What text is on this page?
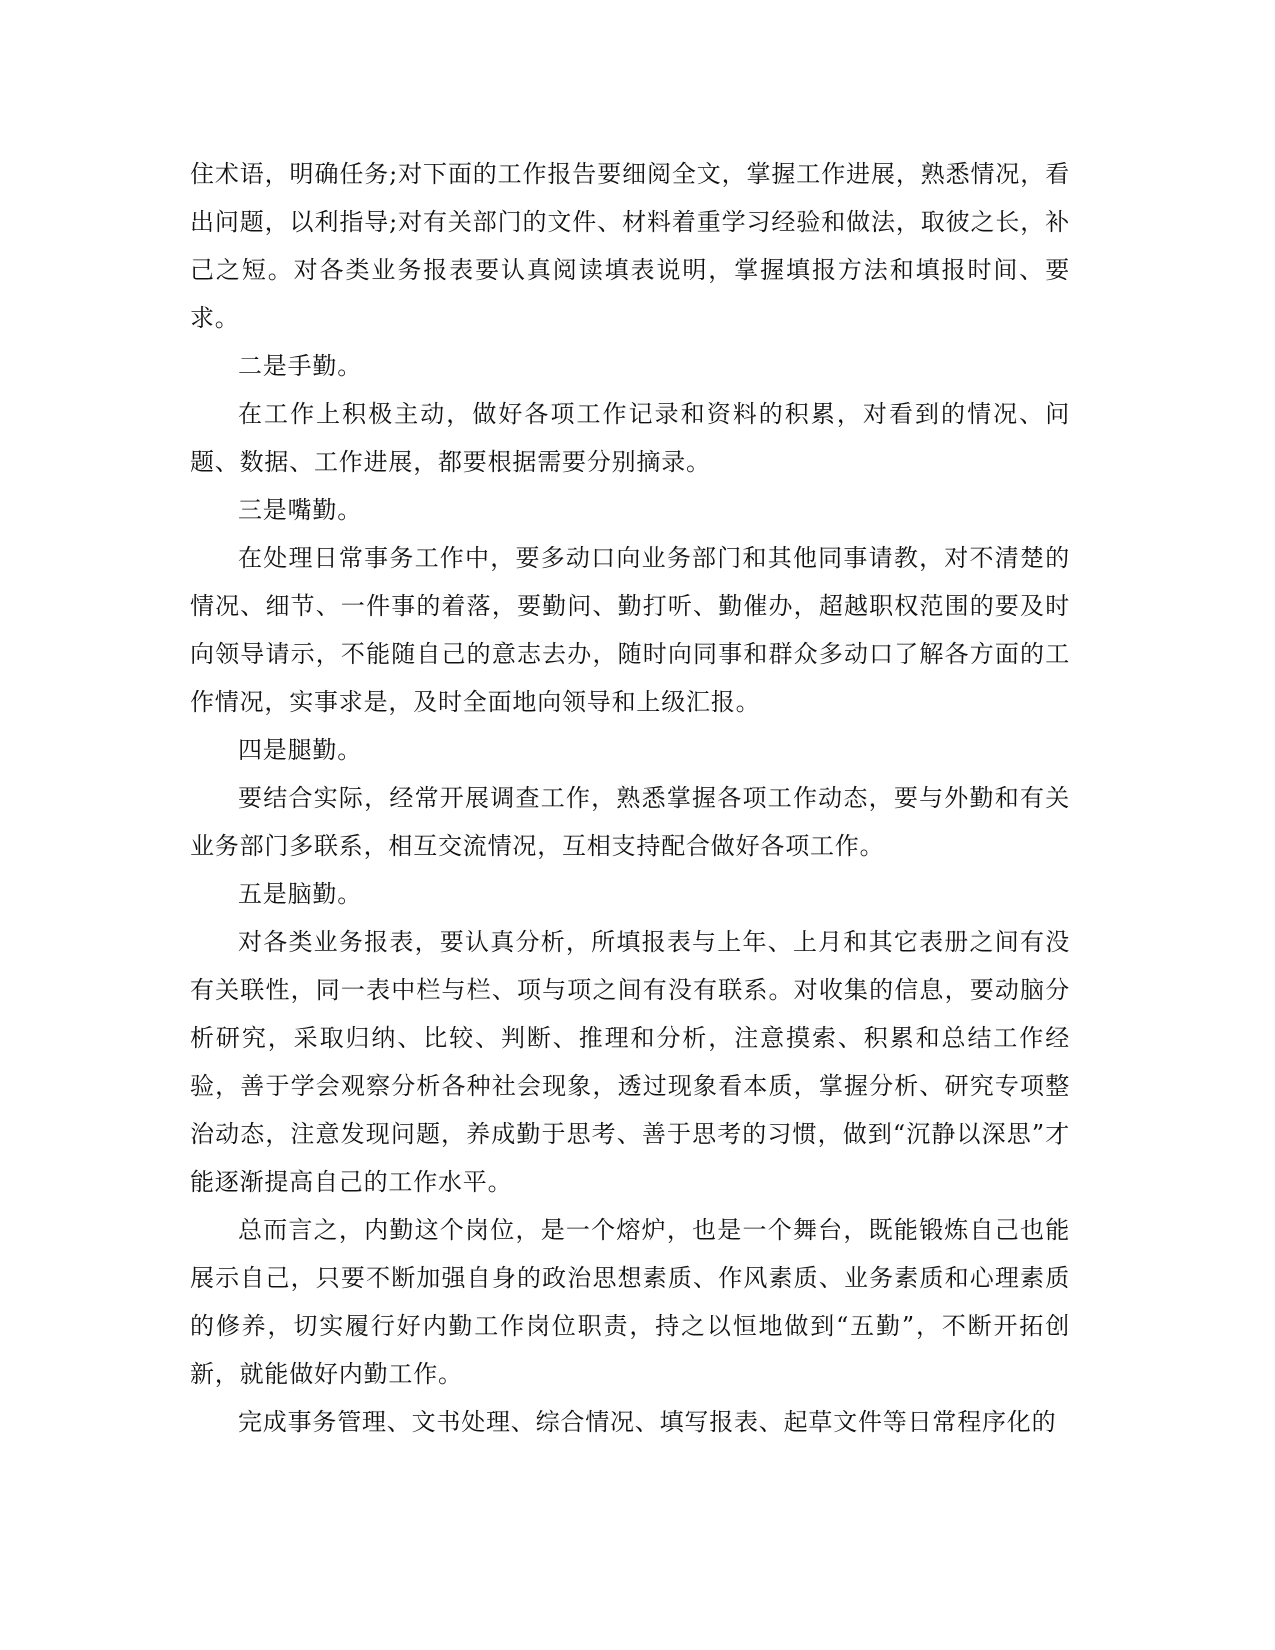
住术语，明确任务;对下面的工作报告要细阅全文，掌握工作进展，熟悉情况，看出问题，以利指导;对有关部门的文件、材料着重学习经验和做法，取彼之长，补己之短。对各类业务报表要认真阅读填表说明，掌握填报方法和填报时间、要求。

二是手勤。

在工作上积极主动，做好各项工作记录和资料的积累，对看到的情况、问题、数据、工作进展，都要根据需要分别摘录。

三是嘴勤。

在处理日常事务工作中，要多动口向业务部门和其他同事请教，对不清楚的情况、细节、一件事的着落，要勤问、勤打听、勤催办，超越职权范围的要及时向领导请示，不能随自己的意志去办，随时向同事和群众多动口了解各方面的工作情况，实事求是，及时全面地向领导和上级汇报。

四是腿勤。

要结合实际，经常开展调查工作，熟悉掌握各项工作动态，要与外勤和有关业务部门多联系，相互交流情况，互相支持配合做好各项工作。

五是脑勤。

对各类业务报表，要认真分析，所填报表与上年、上月和其它表册之间有没有关联性，同一表中栏与栏、项与项之间有没有联系。对收集的信息，要动脑分析研究，采取归纳、比较、判断、推理和分析，注意摸索、积累和总结工作经验，善于学会观察分析各种社会现象，透过现象看本质，掌握分析、研究专项整治动态，注意发现问题，养成勤于思考、善于思考的习惯，做到“沉静以深思”才能逐渐提高自己的工作水平。

总而言之，内勤这个岗位，是一个熔炉，也是一个舞台，既能锻炼自己也能展示自己，只要不断加强自身的政治思想素质、作风素质、业务素质和心理素质的修养，切实履行好内勤工作岗位职责，持之以恒地做到“五勤”，不断开拓创新，就能做好内勤工作。

完成事务管理、文书处理、综合情况、填写报表、起草文件等日常程序化的
